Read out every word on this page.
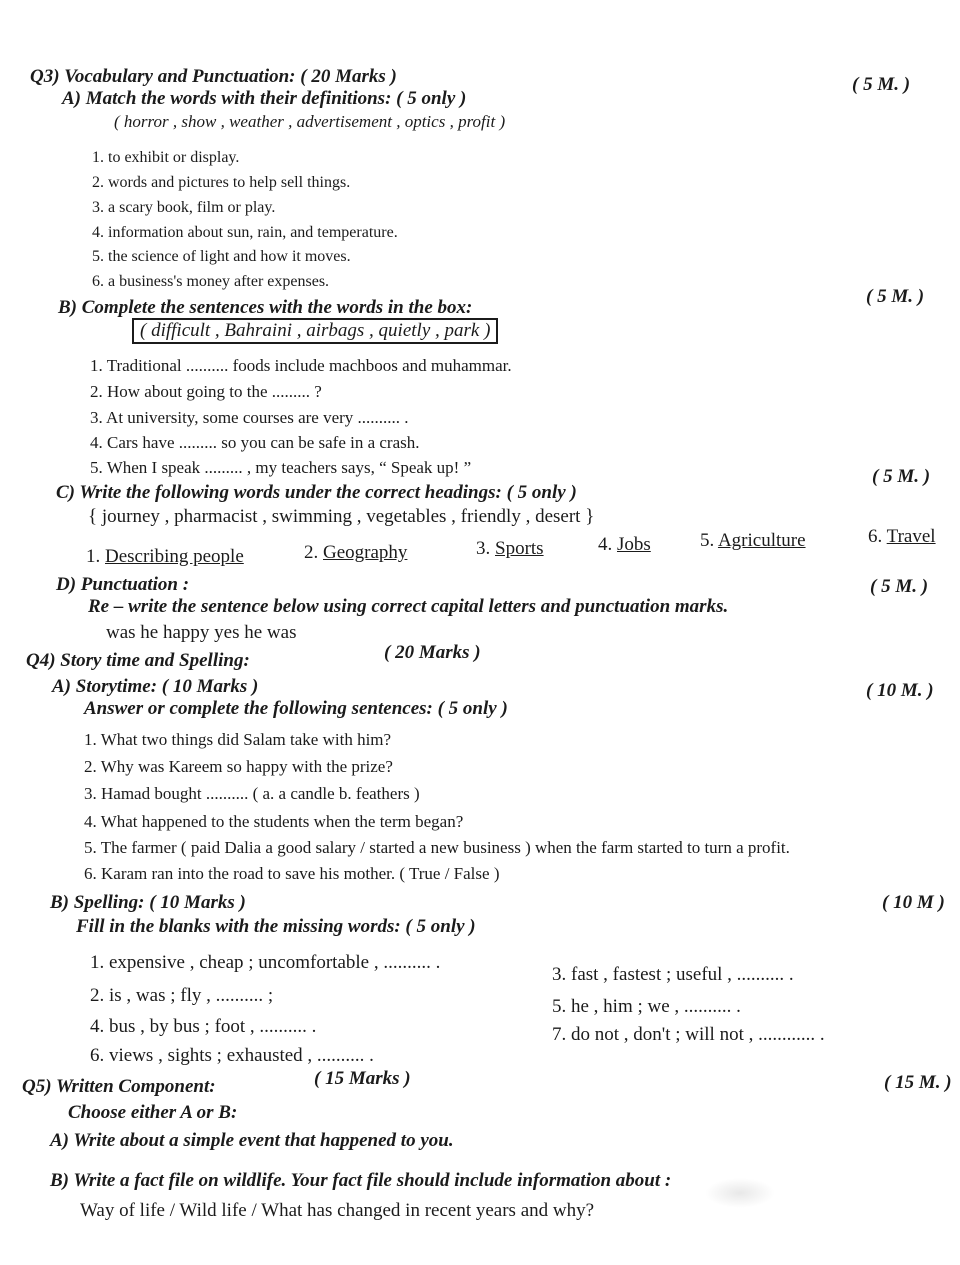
Q3) Vocabulary and Punctuation: ( 20 Marks )
A) Match the words with their definitions: ( 5 only )
( 5 M. )
( horror , show , weather , advertisement , optics , profit )
1. to exhibit or display.
2. words and pictures to help sell things.
3. a scary book, film or play.
4. information about sun, rain, and temperature.
5. the science of light and how it moves.
6. a business's money after expenses.
B) Complete the sentences with the words in the box:
( 5 M. )
( difficult , Bahraini , airbags , quietly , park )
1. Traditional .......... foods include machboos and muhammar.
2. How about going to the ......... ?
3. At university, some courses are very .......... .
4. Cars have ......... so you can be safe in a crash.
5. When I speak ......... , my teachers says, “ Speak up! ”
C) Write the following words under the correct headings: ( 5 only )
( 5 M. )
{ journey , pharmacist , swimming , vegetables , friendly , desert }
1. Describing people	2. Geography	3. Sports	4. Jobs	5. Agriculture	6. Travel
D) Punctuation :
Re – write the sentence below using correct capital letters and punctuation marks.
( 5 M. )
was he happy yes he was
Q4) Story time and Spelling:	( 20 Marks )
A) Storytime: ( 10 Marks )	( 10 M. )
Answer or complete the following sentences: ( 5 only )
1. What two things did Salam take with him?
2. Why was Kareem so happy with the prize?
3. Hamad bought .......... ( a. a candle b. feathers )
4. What happened to the students when the term began?
5. The farmer ( paid Dalia a good salary / started a new business ) when the farm started to turn a profit.
6. Karam ran into the road to save his mother. ( True / False )
B) Spelling: ( 10 Marks )	( 10 M )
Fill in the blanks with the missing words: ( 5 only )
1. expensive , cheap ; uncomfortable , .......... .
2. is , was ; fly , .......... ;
4. bus , by bus ; foot , .......... .
6. views , sights ; exhausted , .......... .
3. fast , fastest ; useful , .......... .
5. he , him ; we , .......... .
7. do not , don't ; will not , ............ .
Q5) Written Component:	( 15 Marks )	( 15 M. )
Choose either A or B:
A) Write about a simple event that happened to you.
B) Write a fact file on wildlife. Your fact file should include information about :
Way of life / Wild life / What has changed in recent years and why?
